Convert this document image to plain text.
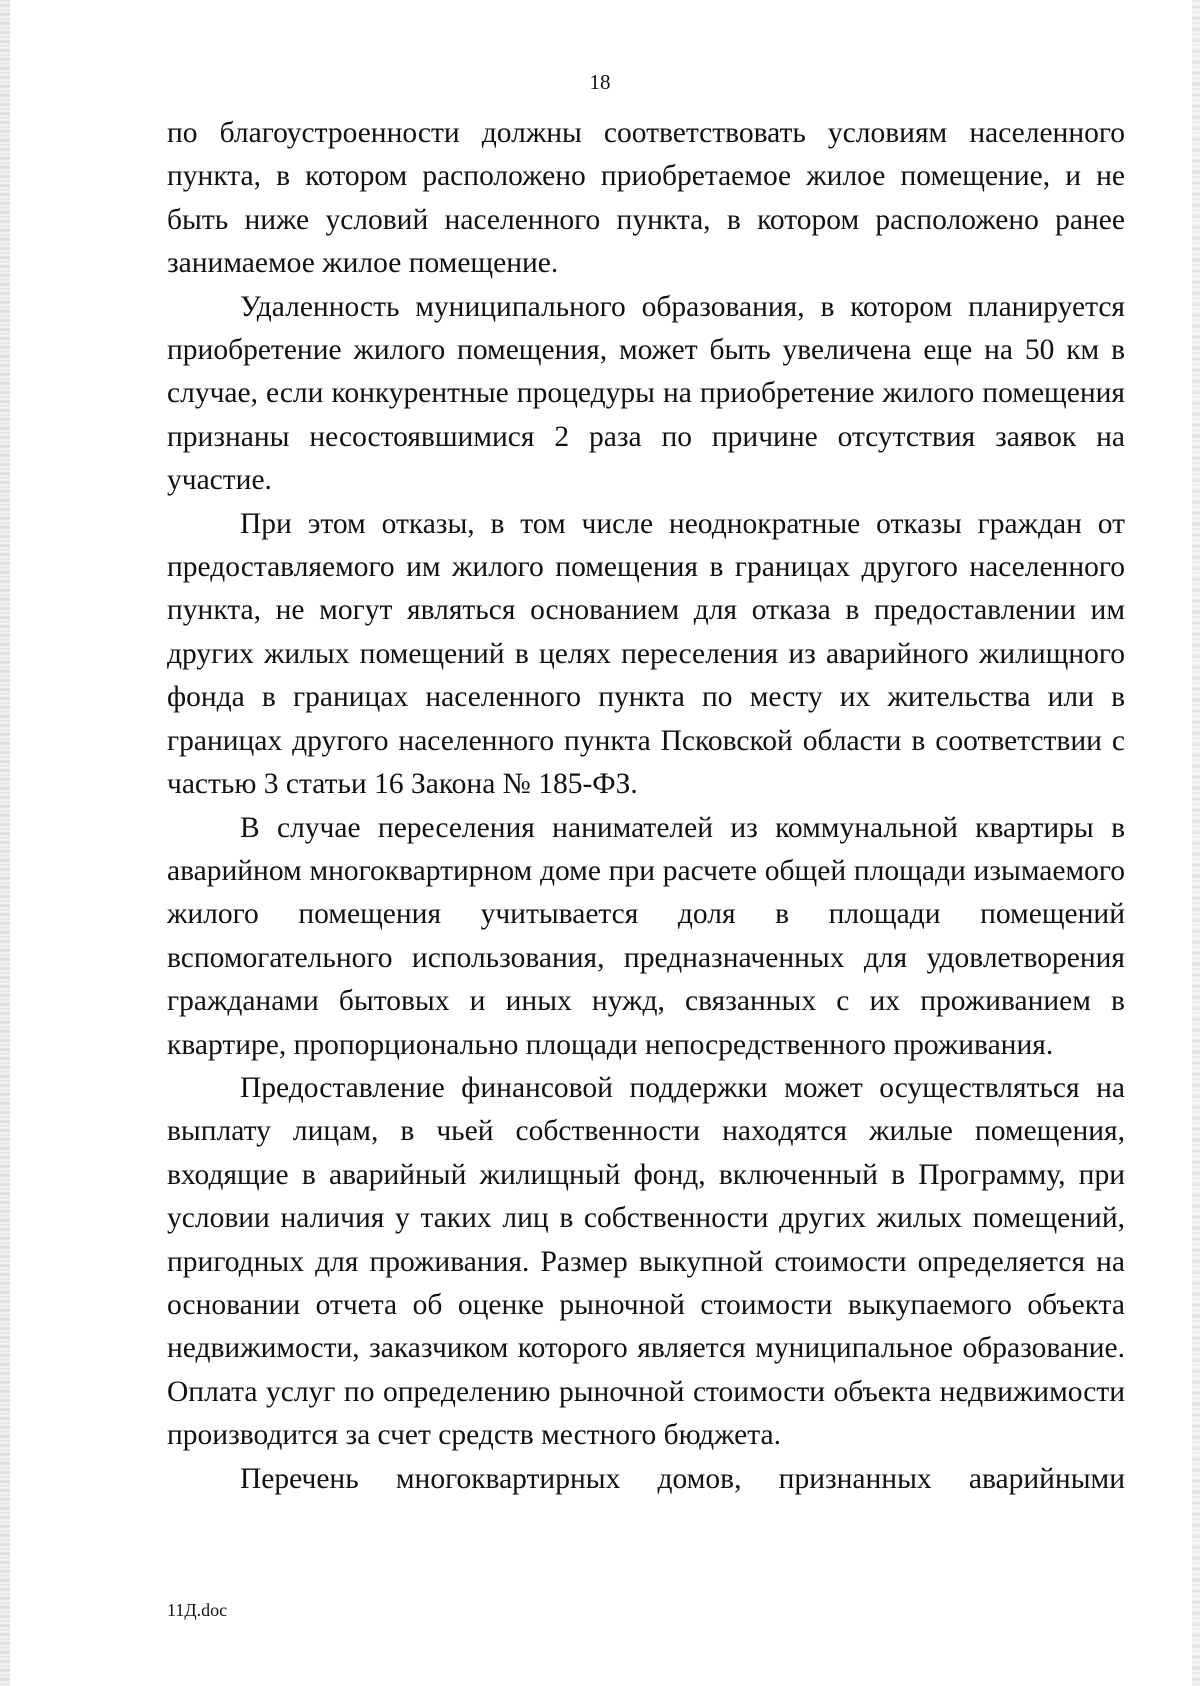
18

по благоустроенности должны соответствовать условиям населенного пункта, в котором расположено приобретаемое жилое помещение, и не быть ниже условий населенного пункта, в котором расположено ранее занимаемое жилое помещение.

Удаленность муниципального образования, в котором планируется приобретение жилого помещения, может быть увеличена еще на 50 км в случае, если конкурентные процедуры на приобретение жилого помещения признаны несостоявшимися 2 раза по причине отсутствия заявок на участие.

При этом отказы, в том числе неоднократные отказы граждан от предоставляемого им жилого помещения в границах другого населенного пункта, не могут являться основанием для отказа в предоставлении им других жилых помещений в целях переселения из аварийного жилищного фонда в границах населенного пункта по месту их жительства или в границах другого населенного пункта Псковской области в соответствии с частью 3 статьи 16 Закона № 185-ФЗ.

В случае переселения нанимателей из коммунальной квартиры в аварийном многоквартирном доме при расчете общей площади изымаемого жилого помещения учитывается доля в площади помещений вспомогательного использования, предназначенных для удовлетворения гражданами бытовых и иных нужд, связанных с их проживанием в квартире, пропорционально площади непосредственного проживания.

Предоставление финансовой поддержки может осуществляться на выплату лицам, в чьей собственности находятся жилые помещения, входящие в аварийный жилищный фонд, включенный в Программу, при условии наличия у таких лиц в собственности других жилых помещений, пригодных для проживания. Размер выкупной стоимости определяется на основании отчета об оценке рыночной стоимости выкупаемого объекта недвижимости, заказчиком которого является муниципальное образование. Оплата услуг по определению рыночной стоимости объекта недвижимости производится за счет средств местного бюджета.

Перечень многоквартирных домов, признанных аварийными

11Д.doc
